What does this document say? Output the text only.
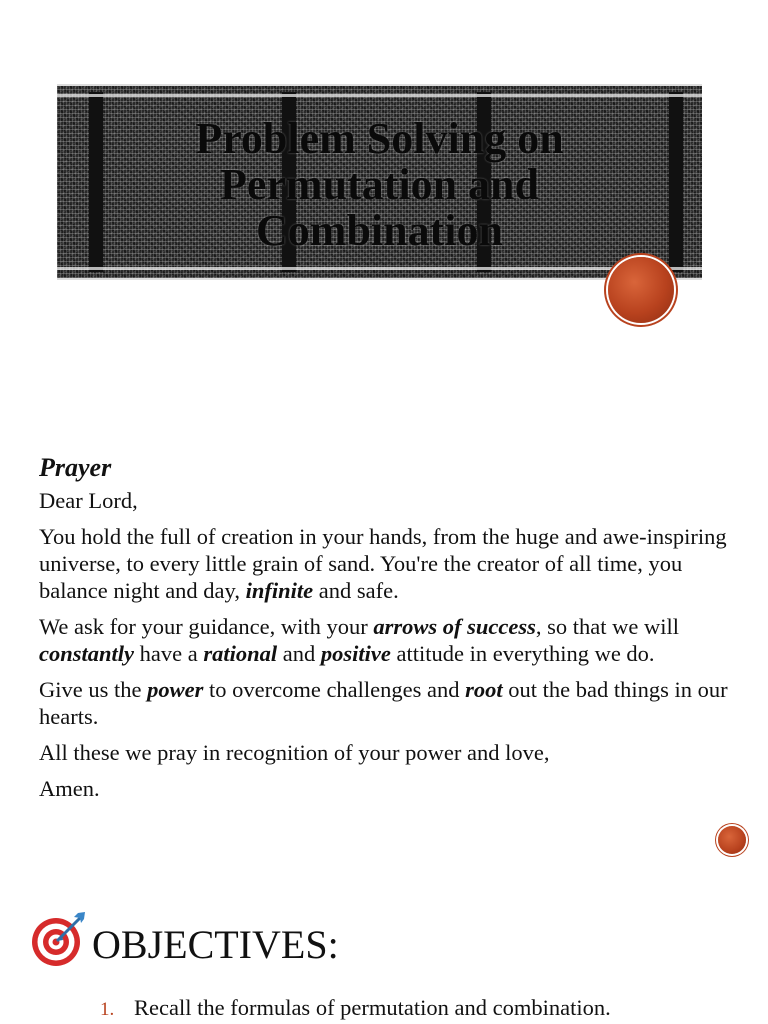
Problem Solving on
Permutation and
Combination
Prayer

Dear Lord,

You hold the full of creation in your hands, from the huge and awe-inspiring universe, to every little grain of sand. You're the creator of all time, you balance night and day, infinite and safe.

We ask for your guidance, with your arrows of success, so that we will constantly have a rational and positive attitude in everything we do.

Give us the power to overcome challenges and root out the bad things in our hearts.

All these we pray in recognition of your power and love,

Amen.

OBJECTIVES:
1. Recall the formulas of permutation and combination.
